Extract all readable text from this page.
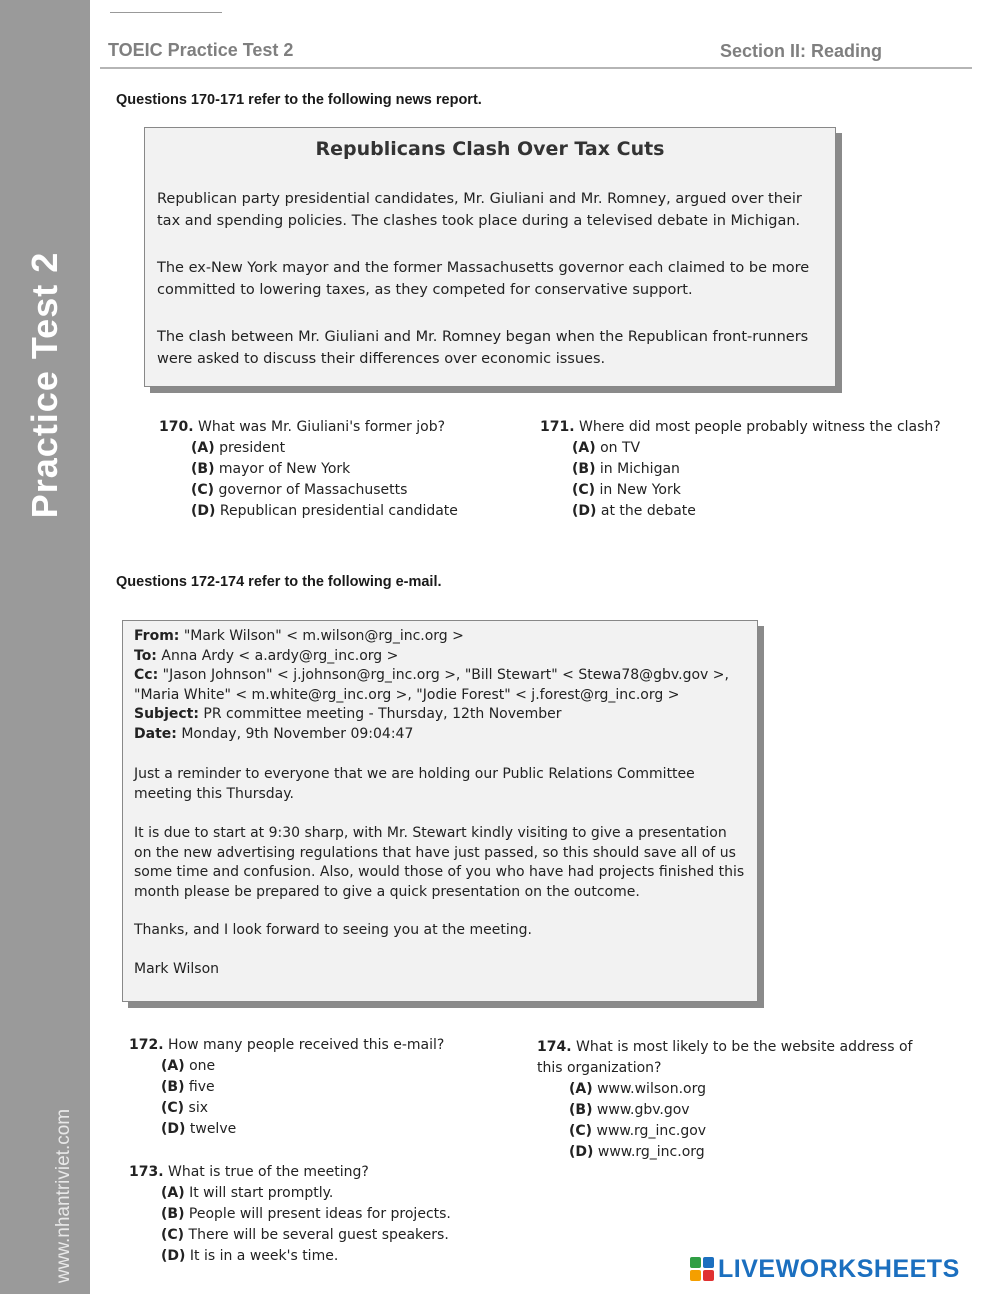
Practice Test 2
www.nhantriviet.com
TOEIC Practice Test 2	Section II: Reading
Questions 170-171 refer to the following news report.
Republicans Clash Over Tax Cuts
Republican party presidential candidates, Mr. Giuliani and Mr. Romney, argued over their tax and spending policies. The clashes took place during a televised debate in Michigan.
The ex-New York mayor and the former Massachusetts governor each claimed to be more committed to lowering taxes, as they competed for conservative support.
The clash between Mr. Giuliani and Mr. Romney began when the Republican front-runners were asked to discuss their differences over economic issues.
170. What was Mr. Giuliani's former job?
(A) president
(B) mayor of New York
(C) governor of Massachusetts
(D) Republican presidential candidate
171. Where did most people probably witness the clash?
(A) on TV
(B) in Michigan
(C) in New York
(D) at the debate
Questions 172-174 refer to the following e-mail.
From: "Mark Wilson" < m.wilson@rg_inc.org >
To: Anna Ardy < a.ardy@rg_inc.org >
Cc: "Jason Johnson" < j.johnson@rg_inc.org >, "Bill Stewart" < Stewa78@gbv.gov >, "Maria White" < m.white@rg_inc.org >, "Jodie Forest" < j.forest@rg_inc.org >
Subject: PR committee meeting - Thursday, 12th November
Date: Monday, 9th November 09:04:47
Just a reminder to everyone that we are holding our Public Relations Committee meeting this Thursday.
It is due to start at 9:30 sharp, with Mr. Stewart kindly visiting to give a presentation on the new advertising regulations that have just passed, so this should save all of us some time and confusion. Also, would those of you who have had projects finished this month please be prepared to give a quick presentation on the outcome.
Thanks, and I look forward to seeing you at the meeting.
Mark Wilson
172. How many people received this e-mail?
(A) one
(B) five
(C) six
(D) twelve
173. What is true of the meeting?
(A) It will start promptly.
(B) People will present ideas for projects.
(C) There will be several guest speakers.
(D) It is in a week's time.
174. What is most likely to be the website address of this organization?
(A) www.wilson.org
(B) www.gbv.gov
(C) www.rg_inc.gov
(D) www.rg_inc.org
LIVEWORKSHEETS
